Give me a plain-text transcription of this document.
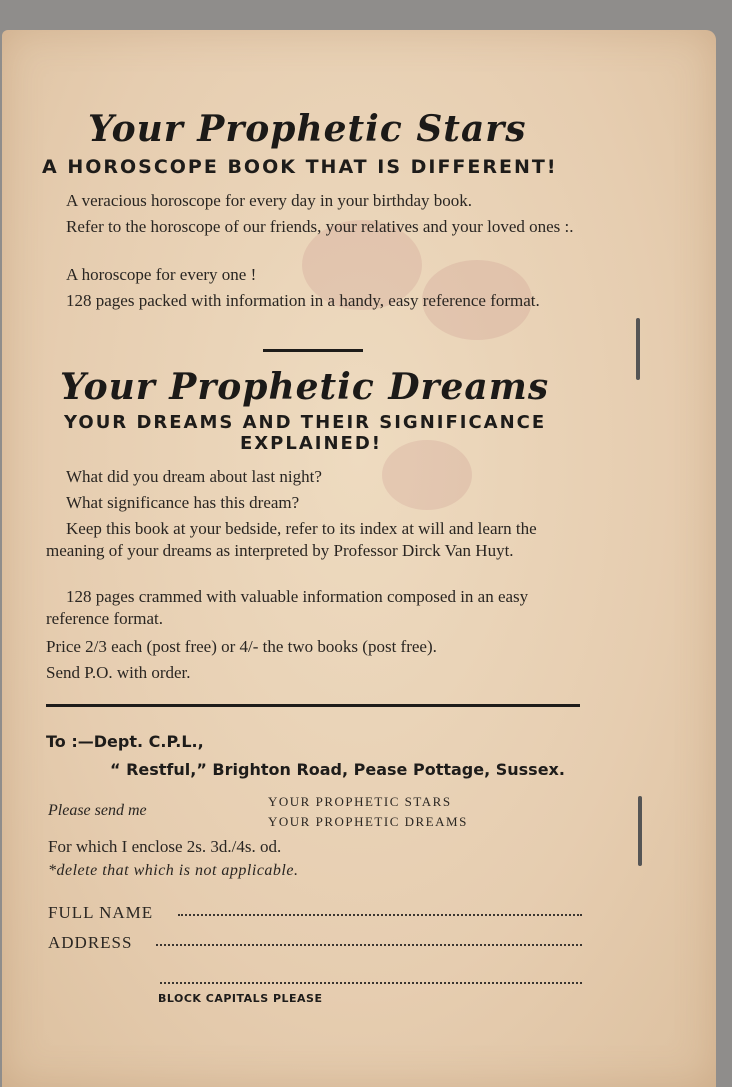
Your Prophetic Stars
A HOROSCOPE BOOK THAT IS DIFFERENT!
A veracious horoscope for every day in your birthday book.
Refer to the horoscope of our friends, your relatives and your loved ones :.
A horoscope for every one !
128 pages packed with information in a handy, easy reference format.
Your Prophetic Dreams
YOUR DREAMS AND THEIR SIGNIFICANCE
EXPLAINED!
What did you dream about last night?
What significance has this dream?
Keep this book at your bedside, refer to its index at will and learn the meaning of your dreams as interpreted by Professor Dirck Van Huyt.
128 pages crammed with valuable information composed in an easy reference format.
Price 2/3 each (post free) or 4/- the two books (post free).
Send P.O. with order.
To :—Dept. C.P.L.,
“ Restful,” Brighton Road, Pease Pottage, Sussex.
Please send me
YOUR PROPHETIC STARS
YOUR PROPHETIC DREAMS
For which I enclose 2s. 3d./4s. od.
*delete that which is not applicable.
FULL NAME
ADDRESS
BLOCK CAPITALS PLEASE
